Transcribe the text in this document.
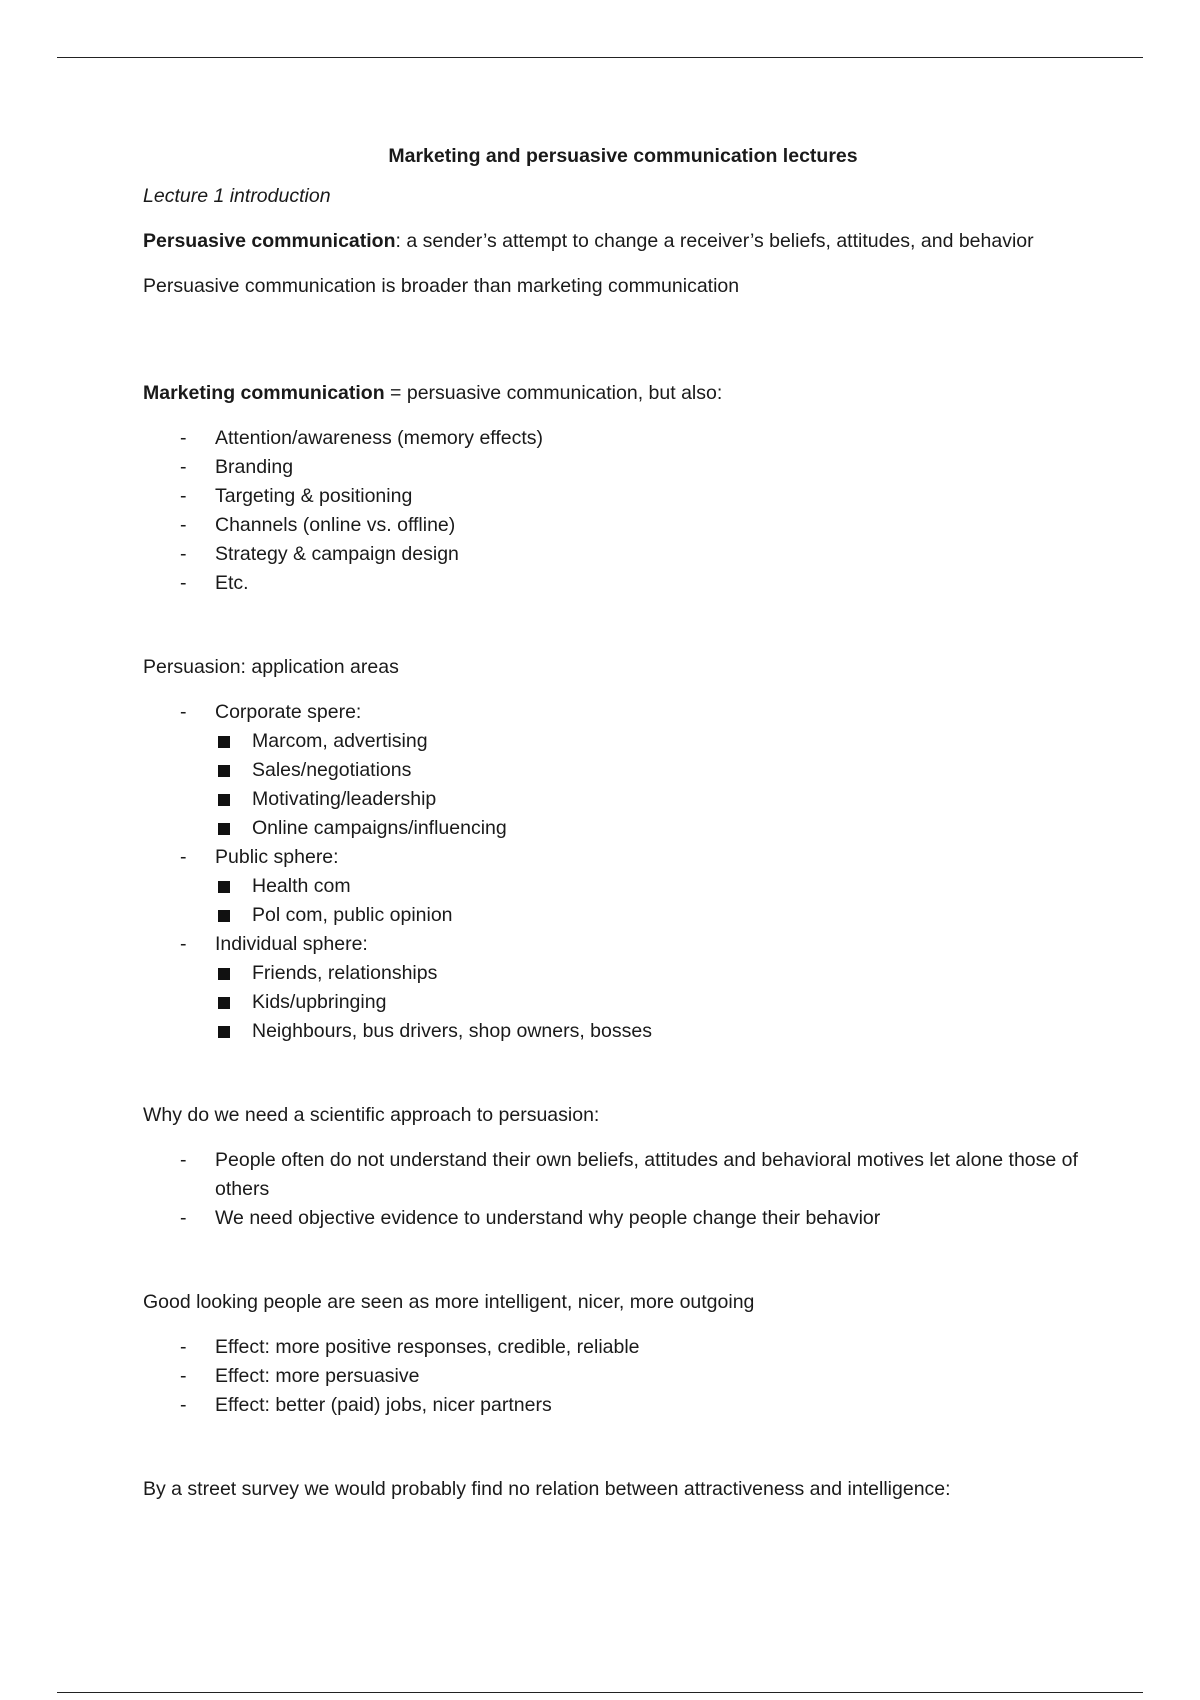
Marketing and persuasive communication lectures

Lecture 1 introduction

Persuasive communication: a sender’s attempt to change a receiver’s beliefs, attitudes, and behavior

Persuasive communication is broader than marketing communication

Marketing communication = persuasive communication, but also:

- Attention/awareness (memory effects)
- Branding
- Targeting & positioning
- Channels (online vs. offline)
- Strategy & campaign design
- Etc.

Persuasion: application areas

- Corporate spere:
Marcom, advertising
Sales/negotiations
Motivating/leadership
Online campaigns/influencing
- Public sphere:
Health com
Pol com, public opinion
- Individual sphere:
Friends, relationships
Kids/upbringing
Neighbours, bus drivers, shop owners, bosses

Why do we need a scientific approach to persuasion:

- People often do not understand their own beliefs, attitudes and behavioral motives let alone those of others
- We need objective evidence to understand why people change their behavior

Good looking people are seen as more intelligent, nicer, more outgoing

- Effect: more positive responses, credible, reliable
- Effect: more persuasive
- Effect: better (paid) jobs, nicer partners

By a street survey we would probably find no relation between attractiveness and intelligence:
